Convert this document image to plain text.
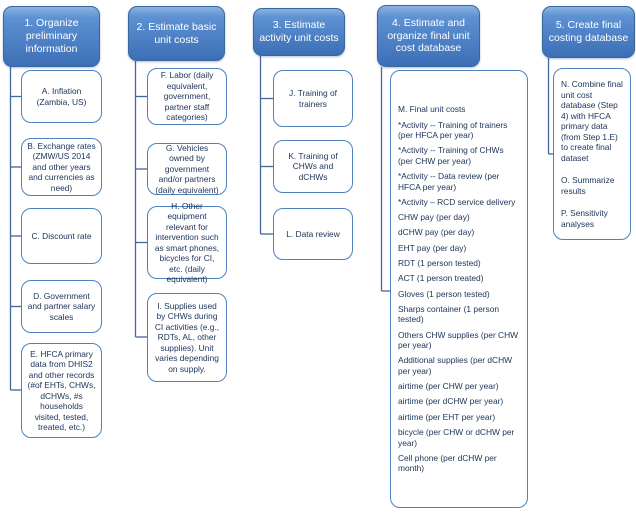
1. Organize preliminary information
A. Inflation (Zambia, US)
B. Exchange rates (ZMW/US 2014 and other years and currencies as need)
C. Discount rate
D. Government and partner salary scales
E. HFCA primary data from DHIS2 and other records (#of EHTs, CHWs, dCHWs, #s households visited, tested, treated, etc.)
2. Estimate basic unit costs
F. Labor (daily equivalent, government, partner staff categories)
G. Vehicles owned by government and/or partners (daily equivalent)
H. Other equipment relevant for intervention such as smart phones, bicycles for CI, etc. (daily equivalent)
I. Supplies used by CHWs during CI activities (e.g., RDTs, AL, other supplies). Unit varies depending on supply.
3. Estimate activity unit costs
J. Training of trainers
K. Training of CHWs and dCHWs
L. Data review
4. Estimate and organize final unit cost database
M. Final unit costs
*Activity -- Training of trainers (per HFCA per year)
*Activity -- Training of CHWs (per CHW per year)
*Activity -- Data review (per HFCA per year)
*Activity – RCD service delivery
CHW pay (per day)
dCHW pay (per day)
EHT pay (per day)
RDT (1 person tested)
ACT (1 person treated)
Gloves (1 person tested)
Sharps container (1 person tested)
Others CHW supplies (per CHW per year)
Additional supplies (per dCHW per year)
airtime (per CHW per year)
airtime (per dCHW per year)
airtime (per EHT per year)
bicycle (per CHW or dCHW per year)
Cell phone (per dCHW per month)
5. Create final costing database
N. Combine final unit cost database (Step 4) with HFCA primary data (from Step 1.E) to create final dataset
O. Summarize results
P. Sensitivity analyses
